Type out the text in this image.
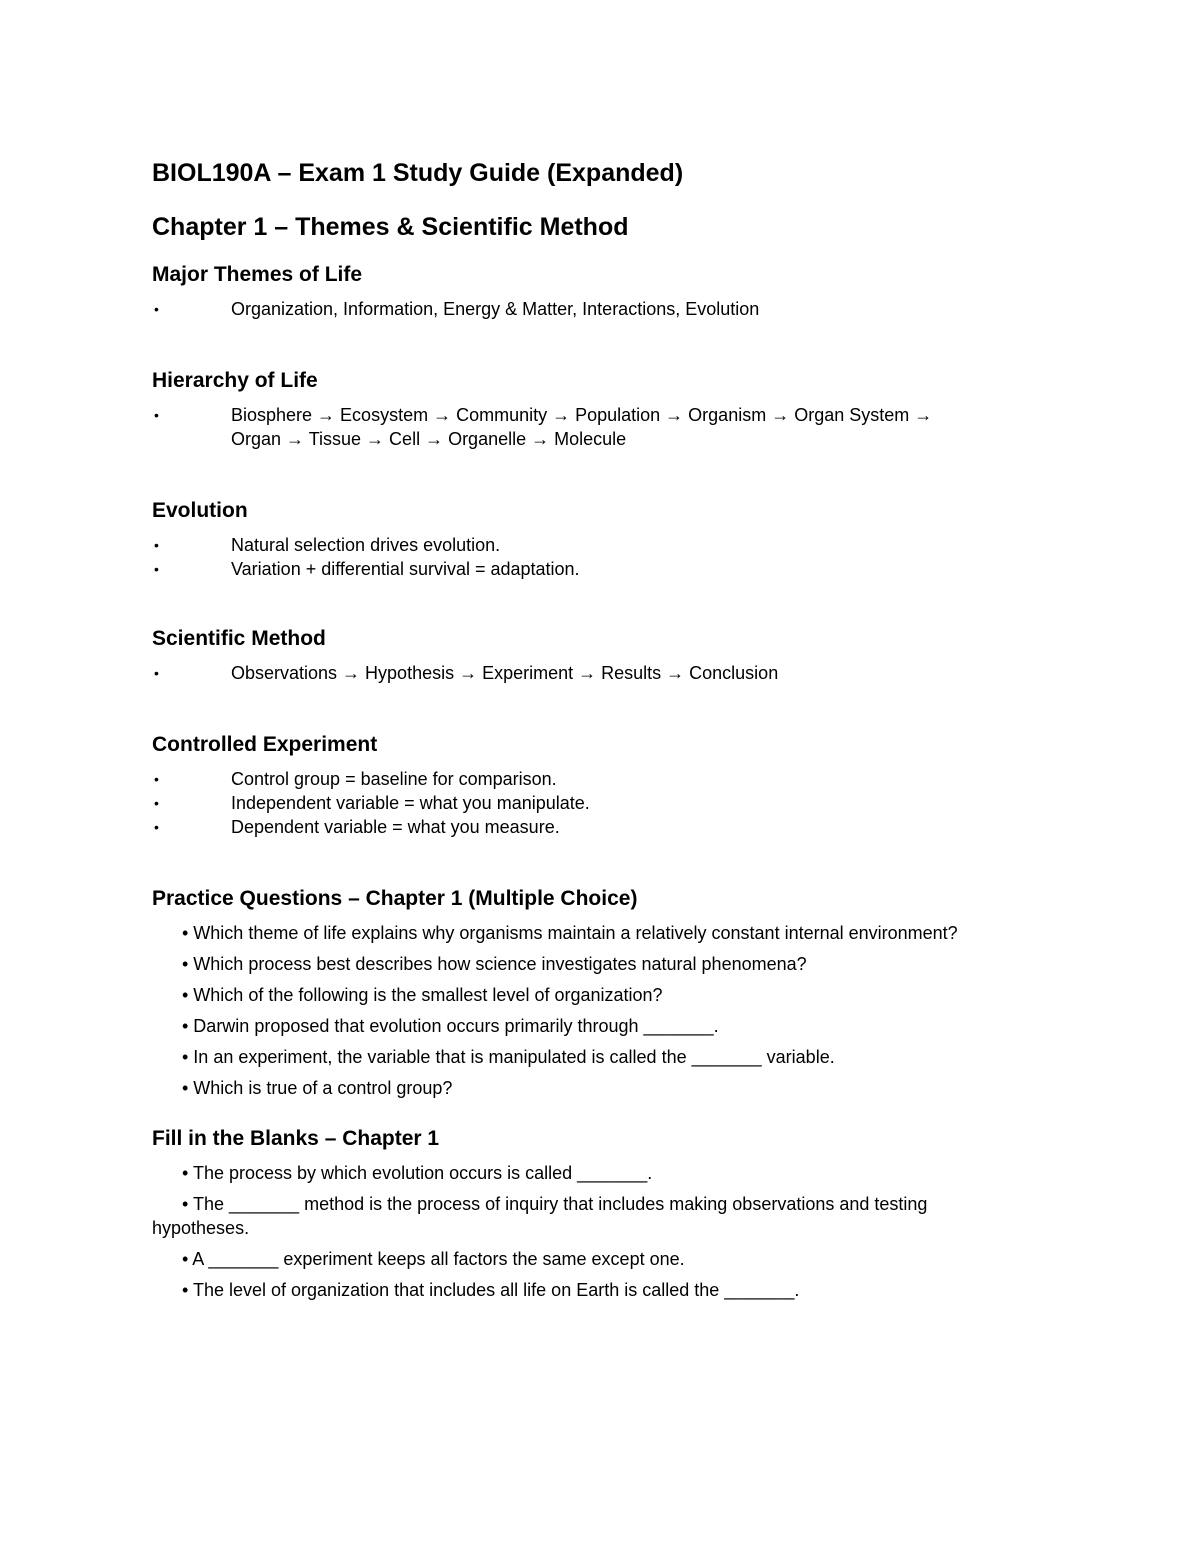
BIOL190A – Exam 1 Study Guide (Expanded)
Chapter 1 – Themes & Scientific Method
Major Themes of Life
•	Organization, Information, Energy & Matter, Interactions, Evolution
Hierarchy of Life
•	Biosphere → Ecosystem → Community → Population → Organism → Organ System →
Organ → Tissue → Cell → Organelle → Molecule
Evolution
•	Natural selection drives evolution.
•	Variation + differential survival = adaptation.
Scientific Method
•	Observations → Hypothesis → Experiment → Results → Conclusion
Controlled Experiment
•	Control group = baseline for comparison.
•	Independent variable = what you manipulate.
•	Dependent variable = what you measure.
Practice Questions – Chapter 1 (Multiple Choice)
• Which theme of life explains why organisms maintain a relatively constant internal environment?
• Which process best describes how science investigates natural phenomena?
• Which of the following is the smallest level of organization?
• Darwin proposed that evolution occurs primarily through _______.
• In an experiment, the variable that is manipulated is called the _______ variable.
• Which is true of a control group?
Fill in the Blanks – Chapter 1
• The process by which evolution occurs is called _______.
• The _______ method is the process of inquiry that includes making observations and testing
hypotheses.
• A _______ experiment keeps all factors the same except one.
• The level of organization that includes all life on Earth is called the _______.
